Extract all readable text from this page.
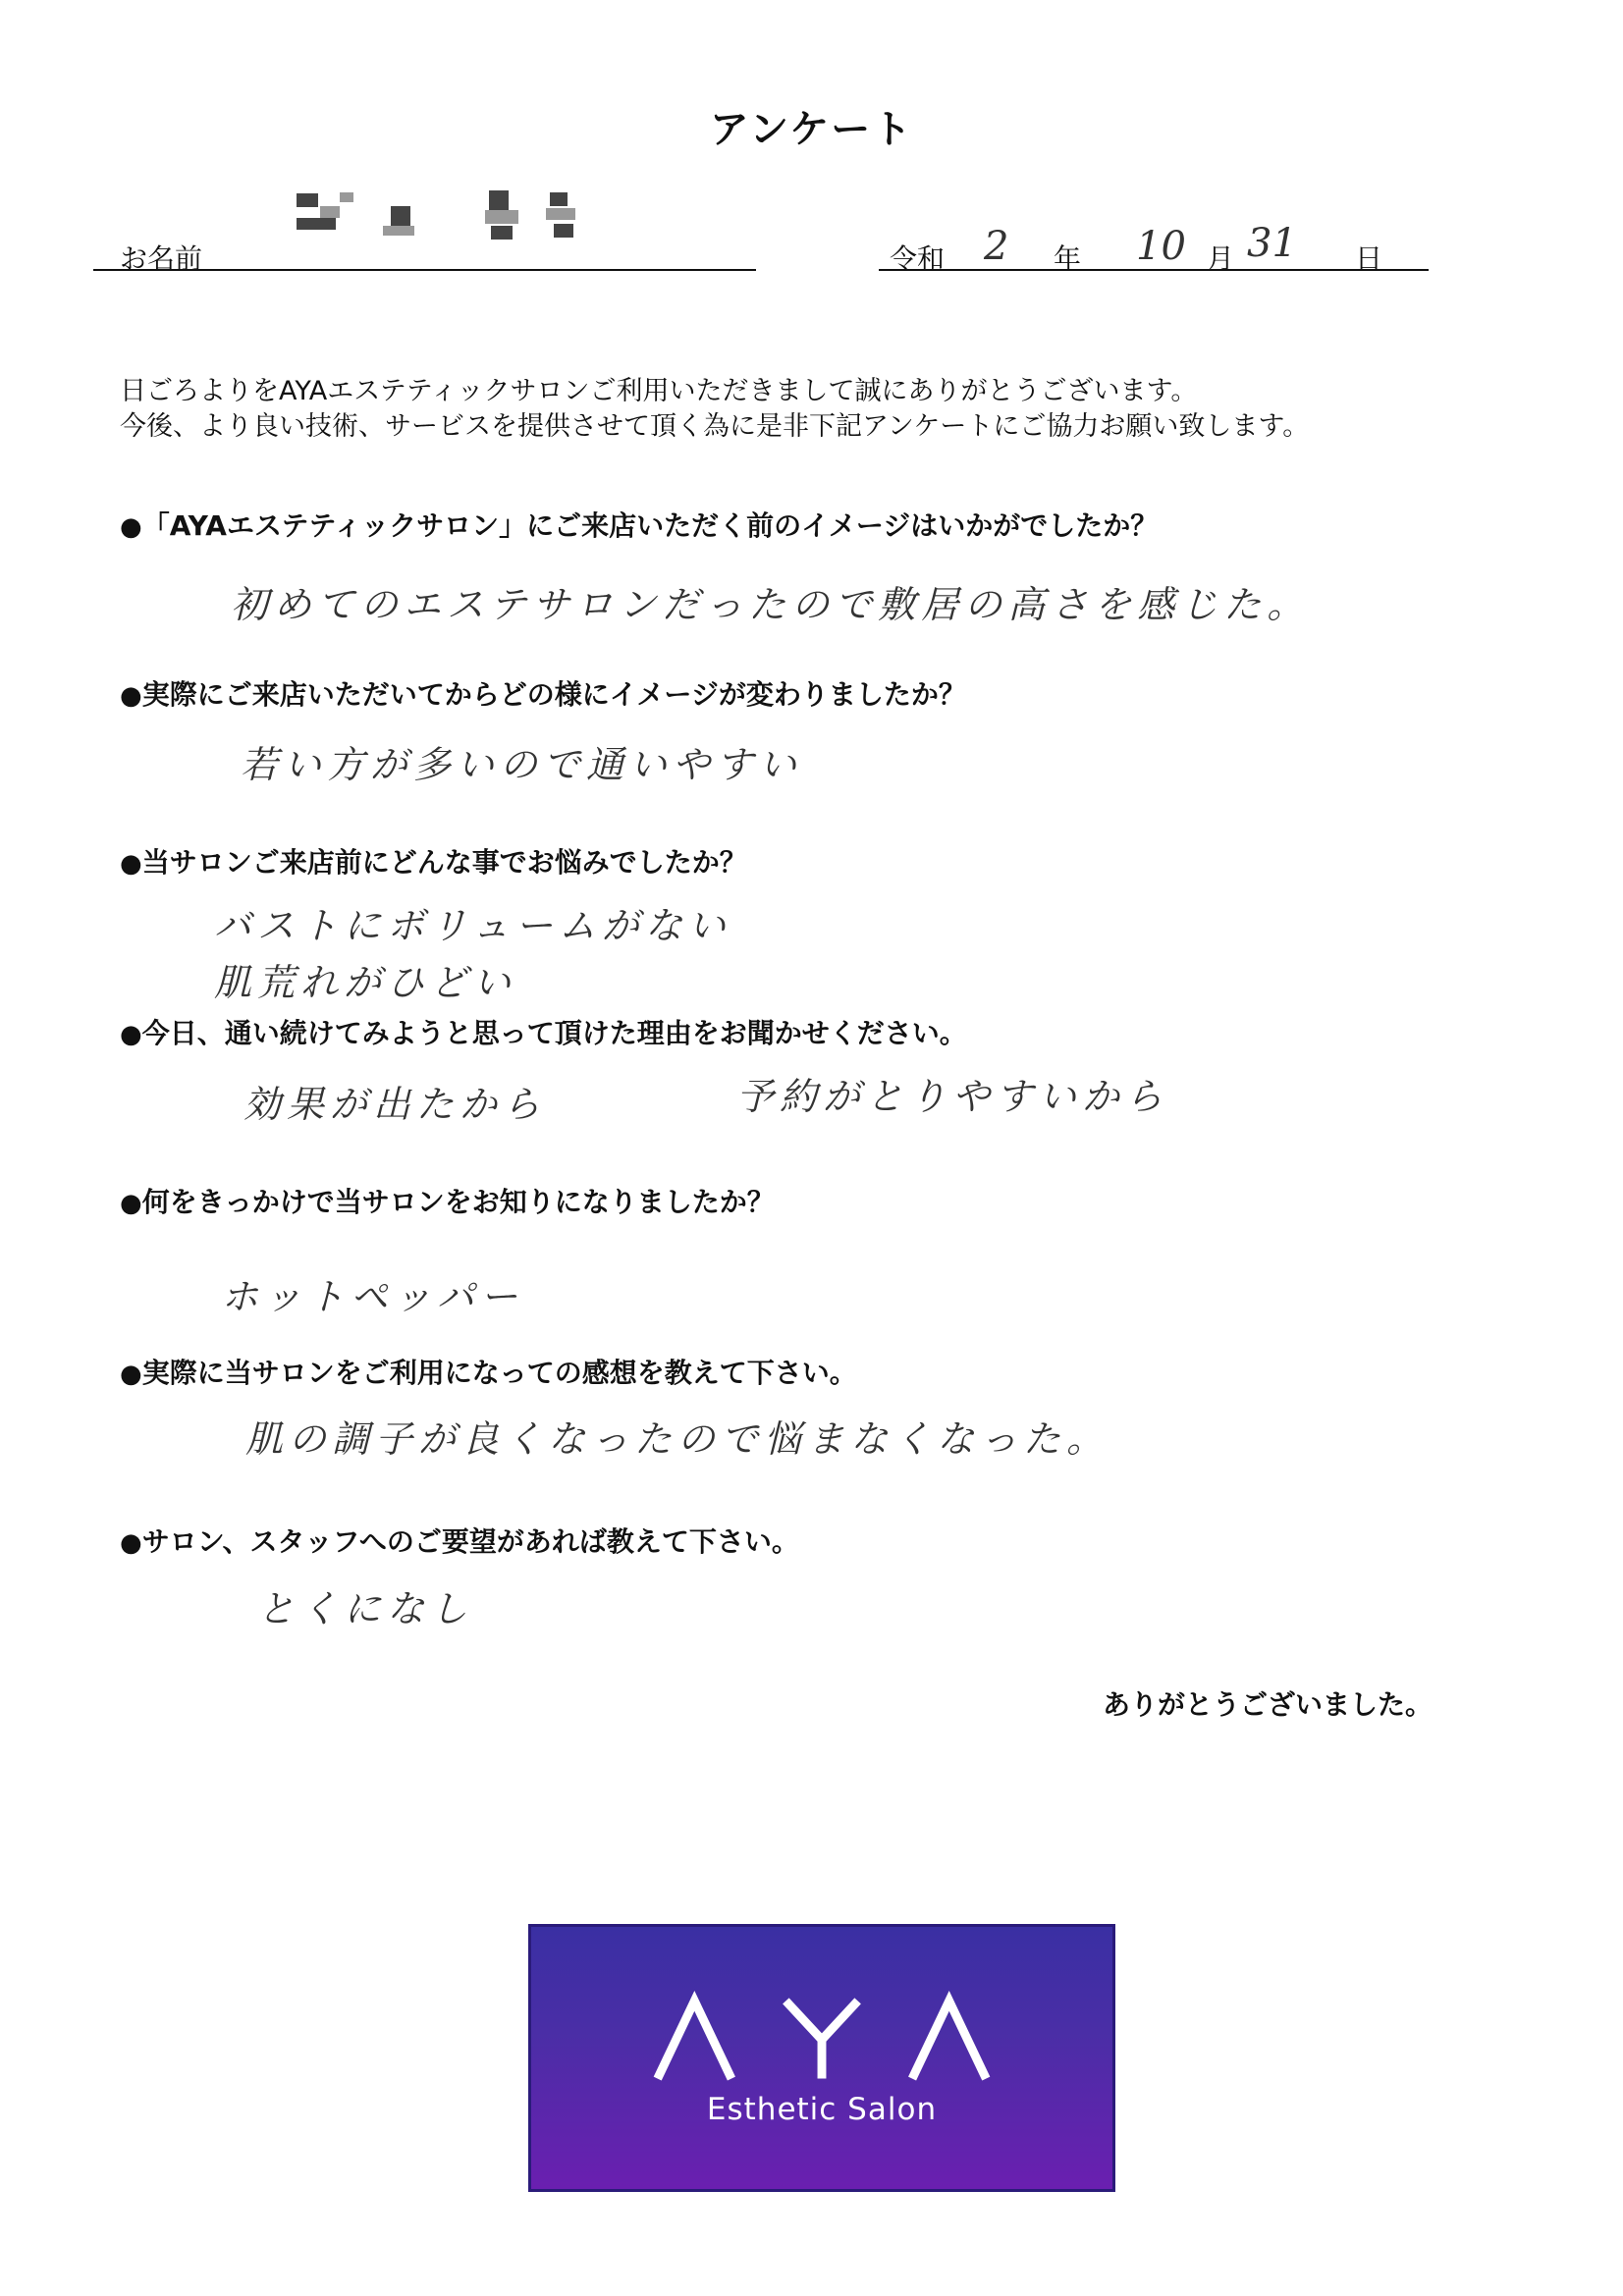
アンケート
お名前	令和 2 年 10 月 31 日
日ごろよりをAYAエステティックサロンご利用いただきまして誠にありがとうございます。
今後、より良い技術、サービスを提供させて頂く為に是非下記アンケートにご協力お願い致します。
●「AYAエステティックサロン」にご来店いただく前のイメージはいかがでしたか？
初めてのエステサロンだったので敷居の高さを感じた。
●実際にご来店いただいてからどの様にイメージが変わりましたか？
若い方が多いので通いやすい
●当サロンご来店前にどんな事でお悩みでしたか？
バストにボリュームがない
肌荒れがひどい
●今日、通い続けてみようと思って頂けた理由をお聞かせください。
効果が出たから	予約がとりやすいから
●何をきっかけで当サロンをお知りになりましたか？
ホットペッパー
●実際に当サロンをご利用になっての感想を教えて下さい。
肌の調子が良くなったので悩まなくなった。
●サロン、スタッフへのご要望があれば教えて下さい。
とくになし
ありがとうございました。
Esthetic Salon
